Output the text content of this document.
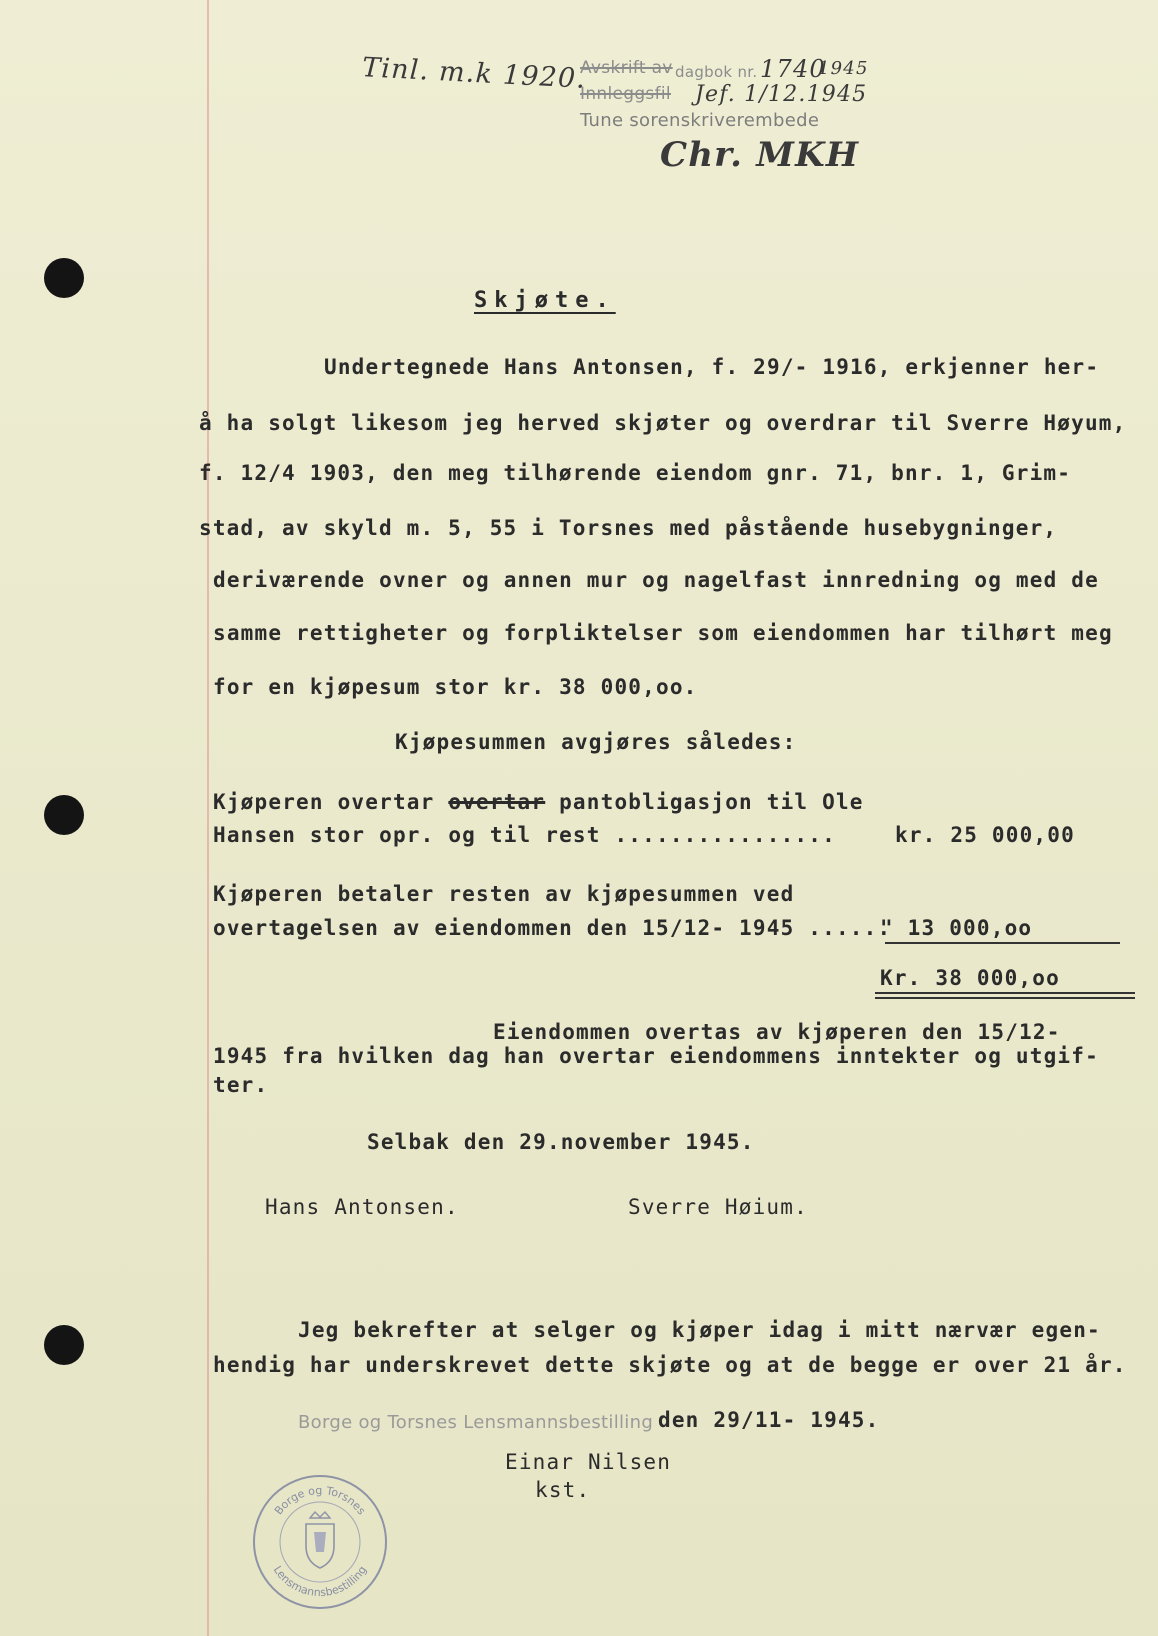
Tinl. m.k 1920.
Avskrift av dagbok nr. 1740
1945
Innleggsfil Jef. 1/12.1945
Tune sorenskriverembede
Chr. MKH
Skjøte.
Undertegnede Hans Antonsen, f. 29/- 1916, erkjenner her-
å ha solgt likesom jeg herved skjøter og overdrar til Sverre Høyum,
f. 12/4 1903, den meg tilhørende eiendom gnr. 71, bnr. 1, Grim-
stad, av skyld m. 5, 55 i Torsnes med påstående husebygninger,
deriværende ovner og annen mur og nagelfast innredning og med de
samme rettigheter og forpliktelser som eiendommen har tilhørt meg
for en kjøpesum stor kr. 38 000,oo.
Kjøpesummen avgjøres således:
Kjøperen overtar overtar pantobligasjon til Ole
Hansen stor opr. og til rest ................	kr. 25 000,00
Kjøperen betaler resten av kjøpesummen ved
overtagelsen av eiendommen den 15/12- 1945 ......
" 13 000,oo
Kr. 38 000,oo
Eiendommen overtas av kjøperen den 15/12-
1945 fra hvilken dag han overtar eiendommens inntekter og utgif-
ter.
Selbak den 29.november 1945.
Hans Antonsen.	Sverre Høium.
Jeg bekrefter at selger og kjøper idag i mitt nærvær egen-
hendig har underskrevet dette skjøte og at de begge er over 21 år.
Borge og Torsnes Lensmannsbestilling den 29/11- 1945.
Einar Nilsen
kst.
Borge og Torsnes
Lensmannsbestilling
